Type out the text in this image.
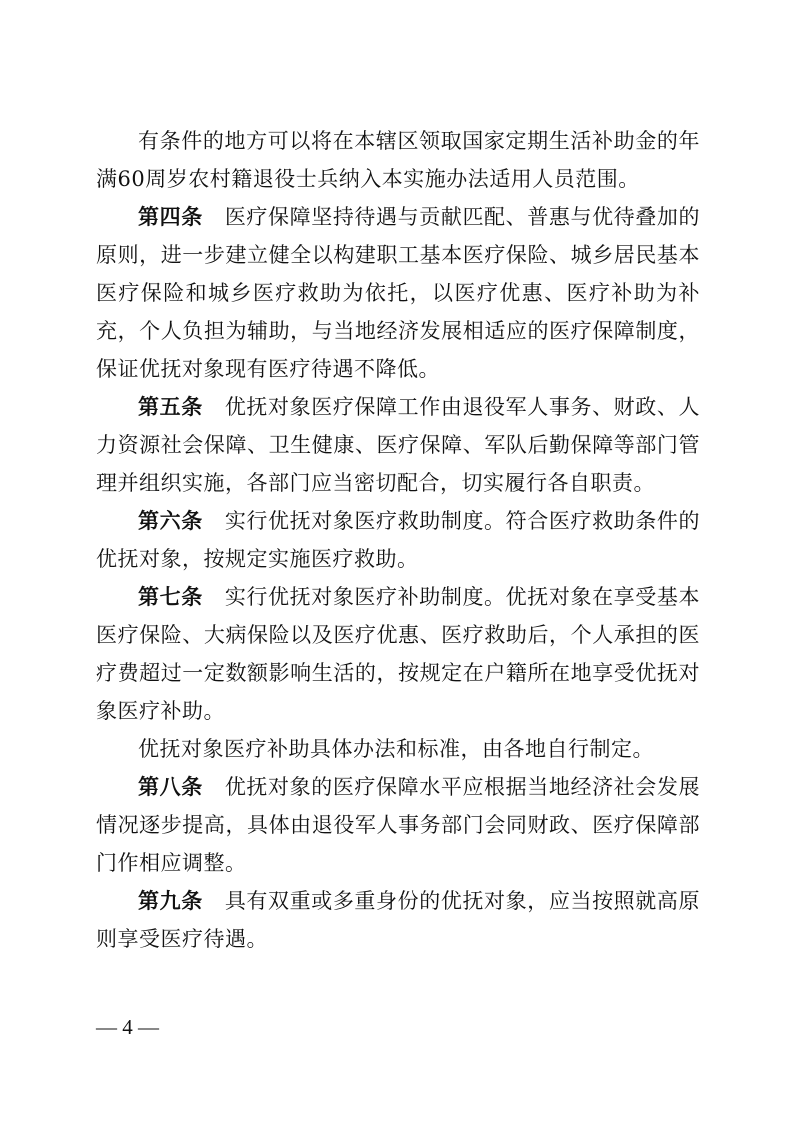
有条件的地方可以将在本辖区领取国家定期生活补助金的年满60周岁农村籍退役士兵纳入本实施办法适用人员范围。

第四条 医疗保障坚持待遇与贡献匹配、普惠与优待叠加的原则，进一步建立健全以构建职工基本医疗保险、城乡居民基本医疗保险和城乡医疗救助为依托，以医疗优惠、医疗补助为补充，个人负担为辅助，与当地经济发展相适应的医疗保障制度，保证优抚对象现有医疗待遇不降低。

第五条 优抚对象医疗保障工作由退役军人事务、财政、人力资源社会保障、卫生健康、医疗保障、军队后勤保障等部门管理并组织实施，各部门应当密切配合，切实履行各自职责。

第六条 实行优抚对象医疗救助制度。符合医疗救助条件的优抚对象，按规定实施医疗救助。

第七条 实行优抚对象医疗补助制度。优抚对象在享受基本医疗保险、大病保险以及医疗优惠、医疗救助后，个人承担的医疗费超过一定数额影响生活的，按规定在户籍所在地享受优抚对象医疗补助。

优抚对象医疗补助具体办法和标准，由各地自行制定。

第八条 优抚对象的医疗保障水平应根据当地经济社会发展情况逐步提高，具体由退役军人事务部门会同财政、医疗保障部门作相应调整。

第九条 具有双重或多重身份的优抚对象，应当按照就高原则享受医疗待遇。

— 4 —
